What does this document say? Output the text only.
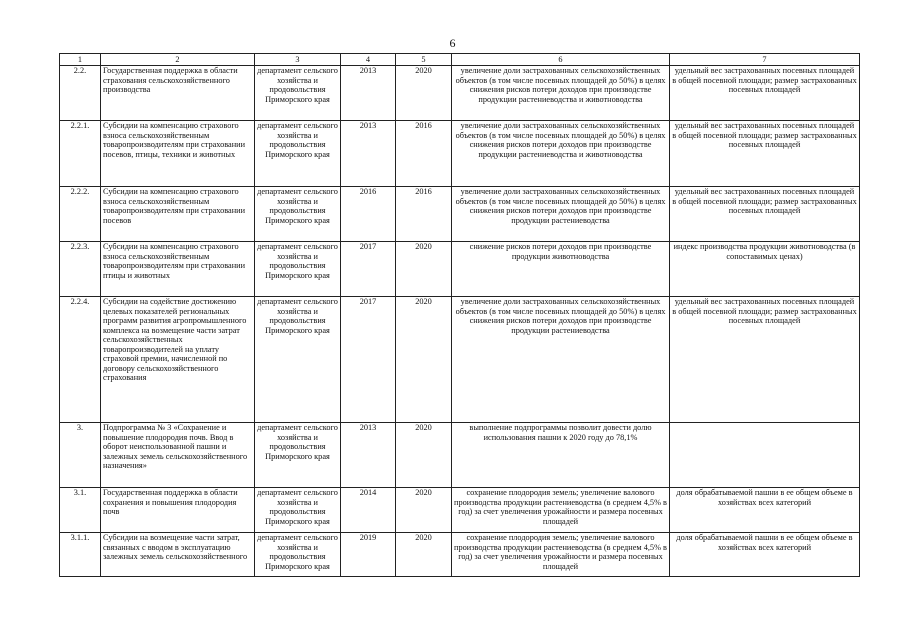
6
1	2	3	4	5	6	7
2.2.	Государственная поддержка в области страхования сельскохозяйственного производства	департамент сельского хозяйства и продовольствия Приморского края	2013	2020	увеличение доли застрахованных сельскохозяйственных объектов (в том числе посевных площадей до 50%) в целях снижения рисков потери доходов при производстве продукции растениеводства и животноводства	удельный вес застрахованных посевных площадей в общей посевной площади; размер застрахованных посевных площадей
2.2.1.	Субсидии на компенсацию страхового взноса сельскохозяйственным товаропроизводителям при страховании посевов, птицы, техники и животных	департамент сельского хозяйства и продовольствия Приморского края	2013	2016	увеличение доли застрахованных сельскохозяйственных объектов (в том числе посевных площадей до 50%) в целях снижения рисков потери доходов при производстве продукции растениеводства и животноводства	удельный вес застрахованных посевных площадей в общей посевной площади; размер застрахованных посевных площадей
2.2.2.	Субсидии на компенсацию страхового взноса сельскохозяйственным товаропроизводителям при страховании посевов	департамент сельского хозяйства и продовольствия Приморского края	2016	2016	увеличение доли застрахованных сельскохозяйственных объектов (в том числе посевных площадей до 50%) в целях снижения рисков потери доходов при производстве продукции растениеводства	удельный вес застрахованных посевных площадей в общей посевной площади; размер застрахованных посевных площадей
2.2.3.	Субсидии на компенсацию страхового взноса сельскохозяйственным товаропроизводителям при страховании птицы и животных	департамент сельского хозяйства и продовольствия Приморского края	2017	2020	снижение рисков потери доходов при производстве продукции животноводства	индекс производства продукции животноводства (в сопоставимых ценах)
2.2.4.	Субсидии на содействие достижению целевых показателей региональных программ развития агропромышленного комплекса на возмещение части затрат сельскохозяйственных товаропроизводителей на уплату страховой премии, начисленной по договору сельскохозяйственного страхования	департамент сельского хозяйства и продовольствия Приморского края	2017	2020	увеличение доли застрахованных сельскохозяйственных объектов (в том числе посевных площадей до 50%) в целях снижения рисков потери доходов при производстве продукции растениеводства	удельный вес застрахованных посевных площадей в общей посевной площади; размер застрахованных посевных площадей
3.	Подпрограмма № 3 «Сохранение и повышение плодородия почв. Ввод в оборот неиспользованной пашни и залежных земель сельскохозяйственного назначения»	департамент сельского хозяйства и продовольствия Приморского края	2013	2020	выполнение подпрограммы позволит довести долю использования пашни к 2020 году до 78,1%	
3.1.	Государственная поддержка в области сохранения и повышения плодородия почв	департамент сельского хозяйства и продовольствия Приморского края	2014	2020	сохранение плодородия земель; увеличение валового производства продукции растениеводства (в среднем 4,5% в год) за счет увеличения урожайности и размера посевных площадей	доля обрабатываемой пашни в ее общем объеме в хозяйствах всех категорий
3.1.1.	Субсидии на возмещение части затрат, связанных с вводом в эксплуатацию залежных земель сельскохозяйственного	департамент сельского хозяйства и продовольствия Приморского края	2019	2020	сохранение плодородия земель; увеличение валового производства продукции растениеводства (в среднем 4,5% в год) за счет увеличения урожайности и размера посевных площадей	доля обрабатываемой пашни в ее общем объеме в хозяйствах всех категорий
